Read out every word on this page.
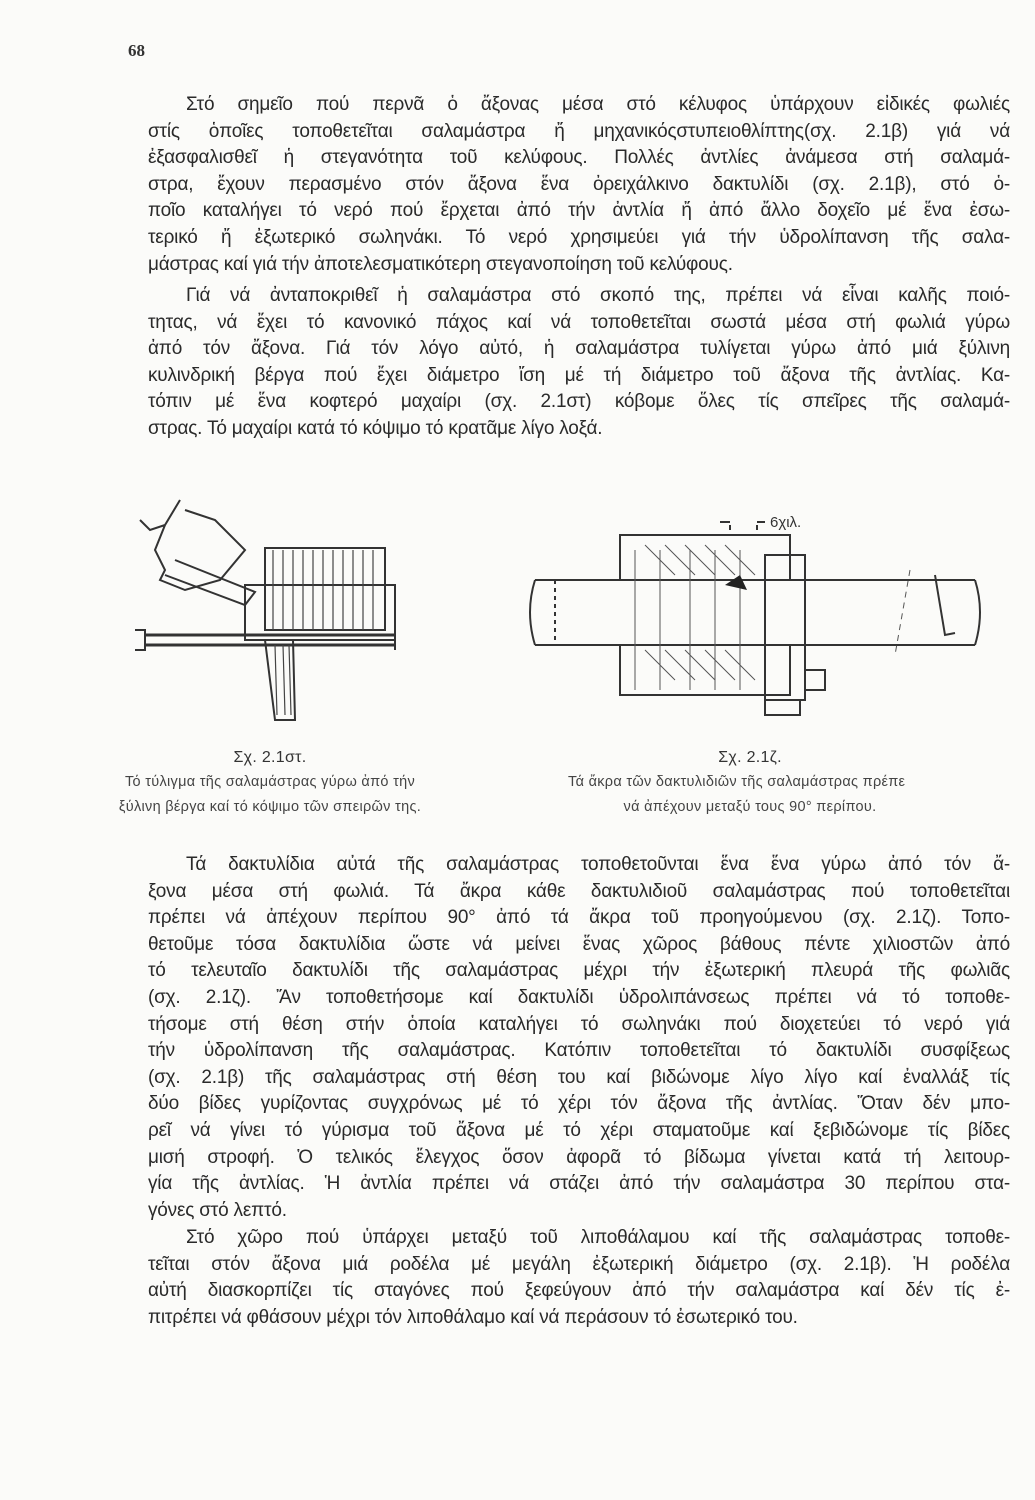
68
Στό σημεῖο πού περνᾶ ὁ ἄξονας μέσα στό κέλυφος ὑπάρχουν εἰδικές φωλιές
στίς ὁποῖες τοποθετεῖται σαλαμάστρα ἤ μηχανικόςστυπειοθλίπτης(σχ. 2.1β) γιά νά
ἐξασφαλισθεῖ ἡ στεγανότητα τοῦ κελύφους. Πολλές ἀντλίες ἀνάμεσα στή σαλαμά-
στρα, ἔχουν περασμένο στόν ἄξονα ἕνα ὀρειχάλκινο δακτυλίδι (σχ. 2.1β), στό ὁ-
ποῖο καταλήγει τό νερό πού ἔρχεται ἀπό τήν ἀντλία ἤ ἀπό ἄλλο δοχεῖο μέ ἕνα ἐσω-
τερικό ἤ ἐξωτερικό σωληνάκι. Τό νερό χρησιμεύει γιά τήν ὑδρολίπανση τῆς σαλα-
μάστρας καί γιά τήν ἀποτελεσματικότερη στεγανοποίηση τοῦ κελύφους.
Γιά νά ἀνταποκριθεῖ ἡ σαλαμάστρα στό σκοπό της, πρέπει νά εἶναι καλῆς ποιό-
τητας, νά ἔχει τό κανονικό πάχος καί νά τοποθετεῖται σωστά μέσα στή φωλιά γύρω
ἀπό τόν ἄξονα. Γιά τόν λόγο αὐτό, ἡ σαλαμάστρα τυλίγεται γύρω ἀπό μιά ξύλινη
κυλινδρική βέργα πού ἔχει διάμετρο ἴση μέ τή διάμετρο τοῦ ἄξονα τῆς ἀντλίας. Κα-
τόπιν μέ ἕνα κοφτερό μαχαίρι (σχ. 2.1στ) κόβομε ὅλες τίς σπεῖρες τῆς σαλαμά-
στρας. Τό μαχαίρι κατά τό κόψιμο τό κρατᾶμε λίγο λοξά.
Τά δακτυλίδια αὐτά τῆς σαλαμάστρας τοποθετοῦνται ἕνα ἕνα γύρω ἀπό τόν ἄ-
ξονα μέσα στή φωλιά. Τά ἄκρα κάθε δακτυλιδιοῦ σαλαμάστρας πού τοποθετεῖται
πρέπει νά ἀπέχουν περίπου 90° ἀπό τά ἄκρα τοῦ προηγούμενου (σχ. 2.1ζ). Τοπο-
θετοῦμε τόσα δακτυλίδια ὥστε νά μείνει ἕνας χῶρος βάθους πέντε χιλιοστῶν ἀπό
τό τελευταῖο δακτυλίδι τῆς σαλαμάστρας μέχρι τήν ἐξωτερική πλευρά τῆς φωλιᾶς
(σχ. 2.1ζ). Ἄν τοποθετήσομε καί δακτυλίδι ὑδρολιπάνσεως πρέπει νά τό τοποθε-
τήσομε στή θέση στήν ὁποία καταλήγει τό σωληνάκι πού διοχετεύει τό νερό γιά
τήν ὑδρολίπανση τῆς σαλαμάστρας. Κατόπιν τοποθετεῖται τό δακτυλίδι συσφίξεως
(σχ. 2.1β) τῆς σαλαμάστρας στή θέση του καί βιδώνομε λίγο λίγο καί ἐναλλάξ τίς
δύο βίδες γυρίζοντας συγχρόνως μέ τό χέρι τόν ἄξονα τῆς ἀντλίας. Ὅταν δέν μπο-
ρεῖ νά γίνει τό γύρισμα τοῦ ἄξονα μέ τό χέρι σταματοῦμε καί ξεβιδώνομε τίς βίδες
μισή στροφή. Ὁ τελικός ἔλεγχος ὅσον ἀφορᾶ τό βίδωμα γίνεται κατά τή λειτουρ-
γία τῆς ἀντλίας. Ἡ ἀντλία πρέπει νά στάζει ἀπό τήν σαλαμάστρα 30 περίπου στα-
γόνες στό λεπτό.
Στό χῶρο πού ὑπάρχει μεταξύ τοῦ λιποθάλαμου καί τῆς σαλαμάστρας τοποθε-
τεῖται στόν ἄξονα μιά ροδέλα μέ μεγάλη ἐξωτερική διάμετρο (σχ. 2.1β). Ἡ ροδέλα
αὐτή διασκορπίζει τίς σταγόνες πού ξεφεύγουν ἀπό τήν σαλαμάστρα καί δέν τίς ἐ-
πιτρέπει νά φθάσουν μέχρι τόν λιποθάλαμο καί νά περάσουν τό ἐσωτερικό του.
6χιλ.
Σχ. 2.1στ.
Τό τύλιγμα τῆς σαλαμάστρας γύρω ἀπό τήν
ξύλινη βέργα καί τό κόψιμο τῶν σπειρῶν της.
Σχ. 2.1ζ.
Τά ἄκρα τῶν δακτυλιδιῶν τῆς σαλαμάστρας πρέπε
νά ἀπέχουν μεταξύ τους 90° περίπου.
